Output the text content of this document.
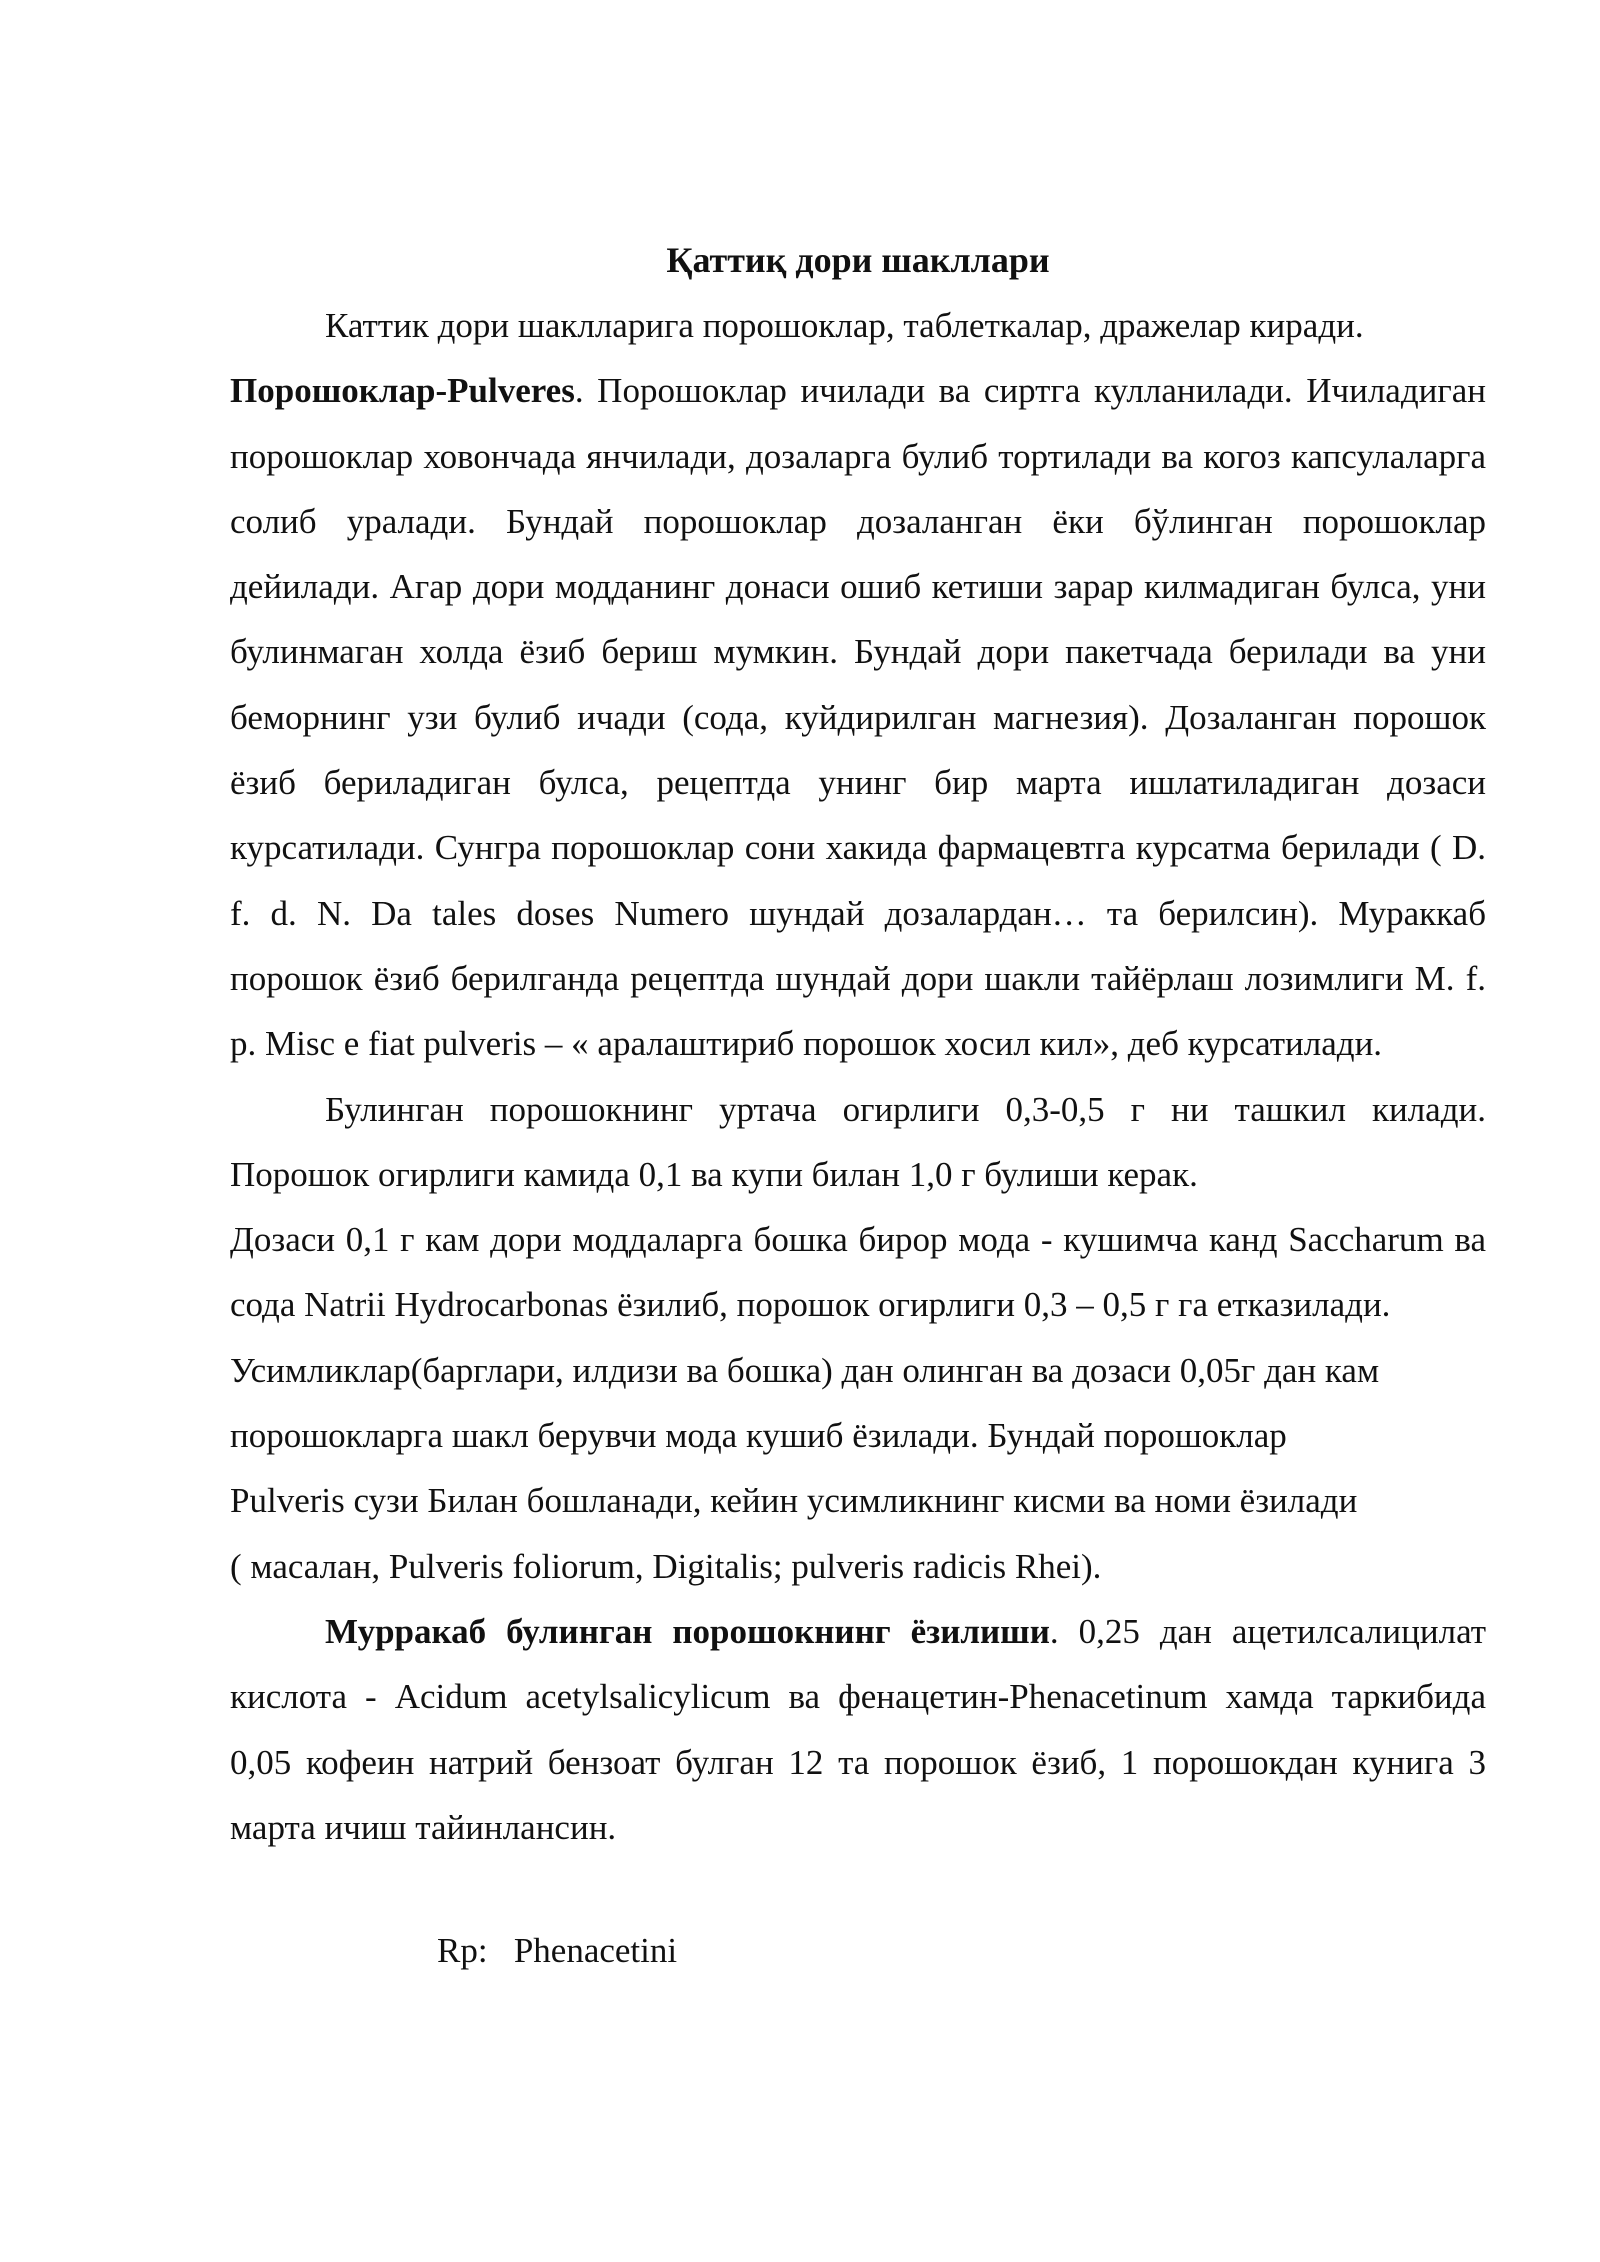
Қаттиқ дори шакллари

Каттик дори шаклларига порошоклар, таблеткалар, дражелар киради.

Порошоклар-Pulveres. Порошоклар ичилади ва сиртга кулланилади. Ичиладиган порошоклар ховончада янчилади, дозаларга булиб тортилади ва когоз капсулаларга солиб уралади. Бундай порошоклар дозаланган ёки бўлинган порошоклар дейилади. Агар дори модданинг донаси ошиб кетиши зарар килмадиган булса, уни булинмаган холда ёзиб бериш мумкин. Бундай дори пакетчада берилади ва уни беморнинг узи булиб ичади (сода, куйдирилган магнезия). Дозаланган порошок ёзиб бериладиган булса, рецептда унинг бир марта ишлатиладиган дозаси курсатилади. Сунгра порошоклар сони хакида фармацевтга курсатма берилади ( D. f. d. N. Da tales doses Numero шундай дозалардан… та берилсин). Мураккаб порошок ёзиб берилганда рецептда шундай дори шакли тайёрлаш лозимлиги M. f. p. Misc e fiat pulveris – « аралаштириб порошок хосил кил», деб курсатилади.

Булинган порошокнинг уртача огирлиги 0,3-0,5 г ни ташкил килади. Порошок огирлиги камида 0,1 ва купи билан 1,0 г булиши керак.

Дозаси 0,1 г кам дори моддаларга бошка бирор мода - кушимча канд Saccharum ва сода Natrii Hydrocarbonas ёзилиб, порошок огирлиги 0,3 – 0,5 г га етказилади.

Усимликлар(барглари, илдизи ва бошка) дан олинган ва дозаси 0,05г дан кам
порошокларга шакл берувчи мода кушиб ёзилади. Бундай порошоклар
Pulveris сузи Билан бошланади, кейин усимликнинг кисми ва номи ёзилади
( масалан, Pulveris foliorum, Digitalis; pulveris radicis Rhei).

Мурракаб булинган порошокнинг ёзилиши. 0,25 дан ацетилсалицилат кислота - Acidum acetylsalicylicum ва фенацетин-Phenacetinum хамда таркибида 0,05 кофеин натрий бензоат булган 12 та порошок ёзиб, 1 порошокдан кунига 3 марта ичиш тайинлансин.

Rp: Phenacetini
